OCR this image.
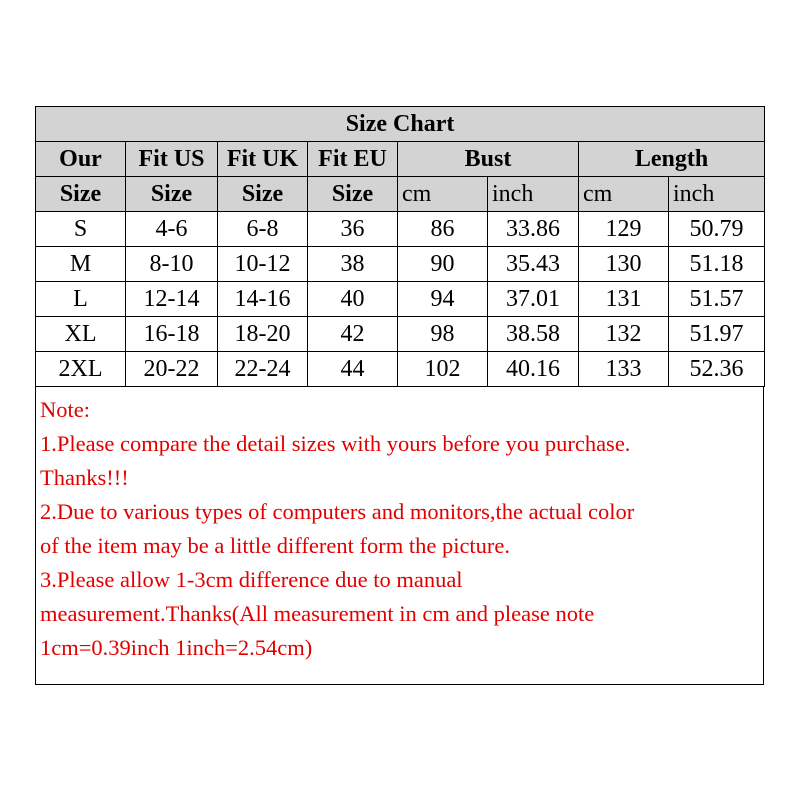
Size Chart							
Our	Fit US	Fit UK	Fit EU	Bust		Length	
Size	Size	Size	Size	cm	inch	cm	inch
S	4-6	6-8	36	86	33.86	129	50.79
M	8-10	10-12	38	90	35.43	130	51.18
L	12-14	14-16	40	94	37.01	131	51.57
XL	16-18	18-20	42	98	38.58	132	51.97
2XL	20-22	22-24	44	102	40.16	133	52.36
Note:
1.Please compare the detail sizes with yours before you purchase.
Thanks!!!
2.Due to various types of computers and monitors,the actual color
of the item may be a little different form the picture.
3.Please allow 1-3cm difference due to manual
measurement.Thanks(All measurement in cm and please note
1cm=0.39inch 1inch=2.54cm)
